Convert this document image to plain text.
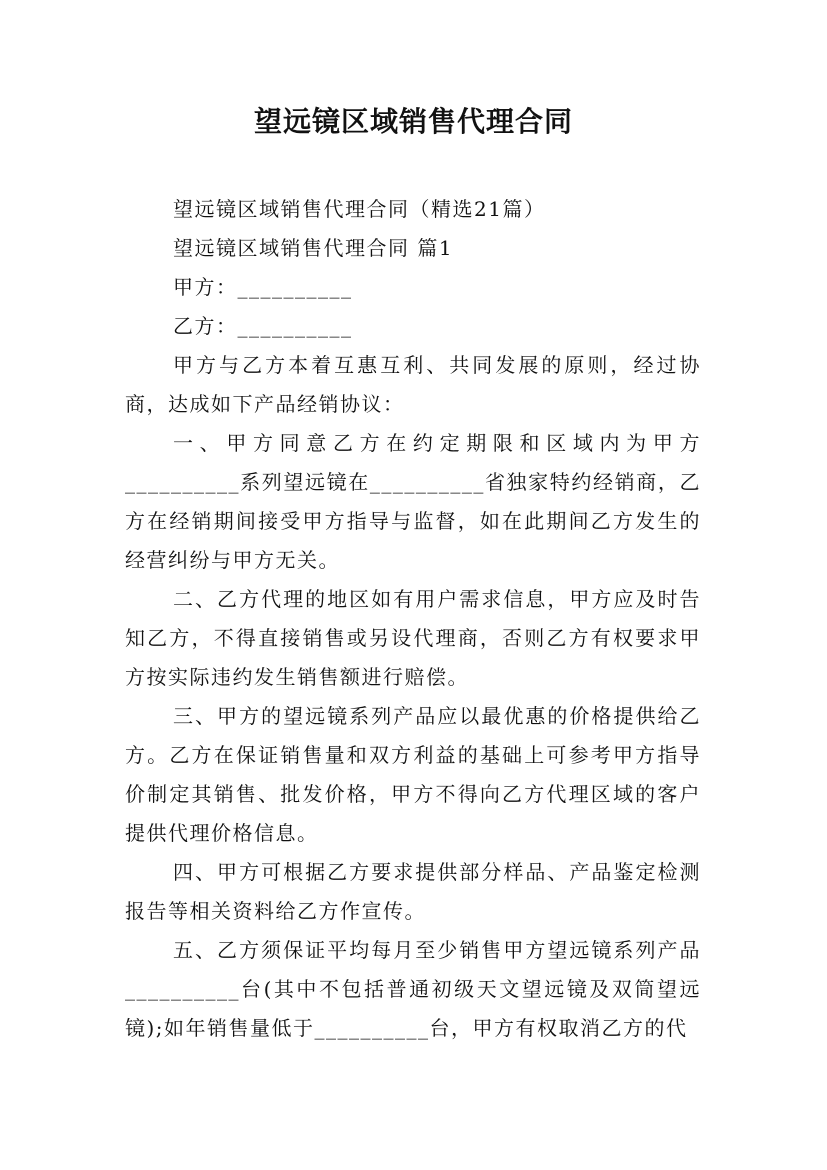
望远镜区域销售代理合同

望远镜区域销售代理合同（精选21篇）

望远镜区域销售代理合同 篇1

甲方：__________

乙方：__________

甲方与乙方本着互惠互利、共同发展的原则，经过协商，达成如下产品经销协议：

一、甲方同意乙方在约定期限和区域内为甲方__________系列望远镜在__________省独家特约经销商，乙方在经销期间接受甲方指导与监督，如在此期间乙方发生的经营纠纷与甲方无关。

二、乙方代理的地区如有用户需求信息，甲方应及时告知乙方，不得直接销售或另设代理商，否则乙方有权要求甲方按实际违约发生销售额进行赔偿。

三、甲方的望远镜系列产品应以最优惠的价格提供给乙方。乙方在保证销售量和双方利益的基础上可参考甲方指导价制定其销售、批发价格，甲方不得向乙方代理区域的客户提供代理价格信息。

四、甲方可根据乙方要求提供部分样品、产品鉴定检测报告等相关资料给乙方作宣传。

五、乙方须保证平均每月至少销售甲方望远镜系列产品__________台(其中不包括普通初级天文望远镜及双筒望远镜);如年销售量低于__________台，甲方有权取消乙方的代
